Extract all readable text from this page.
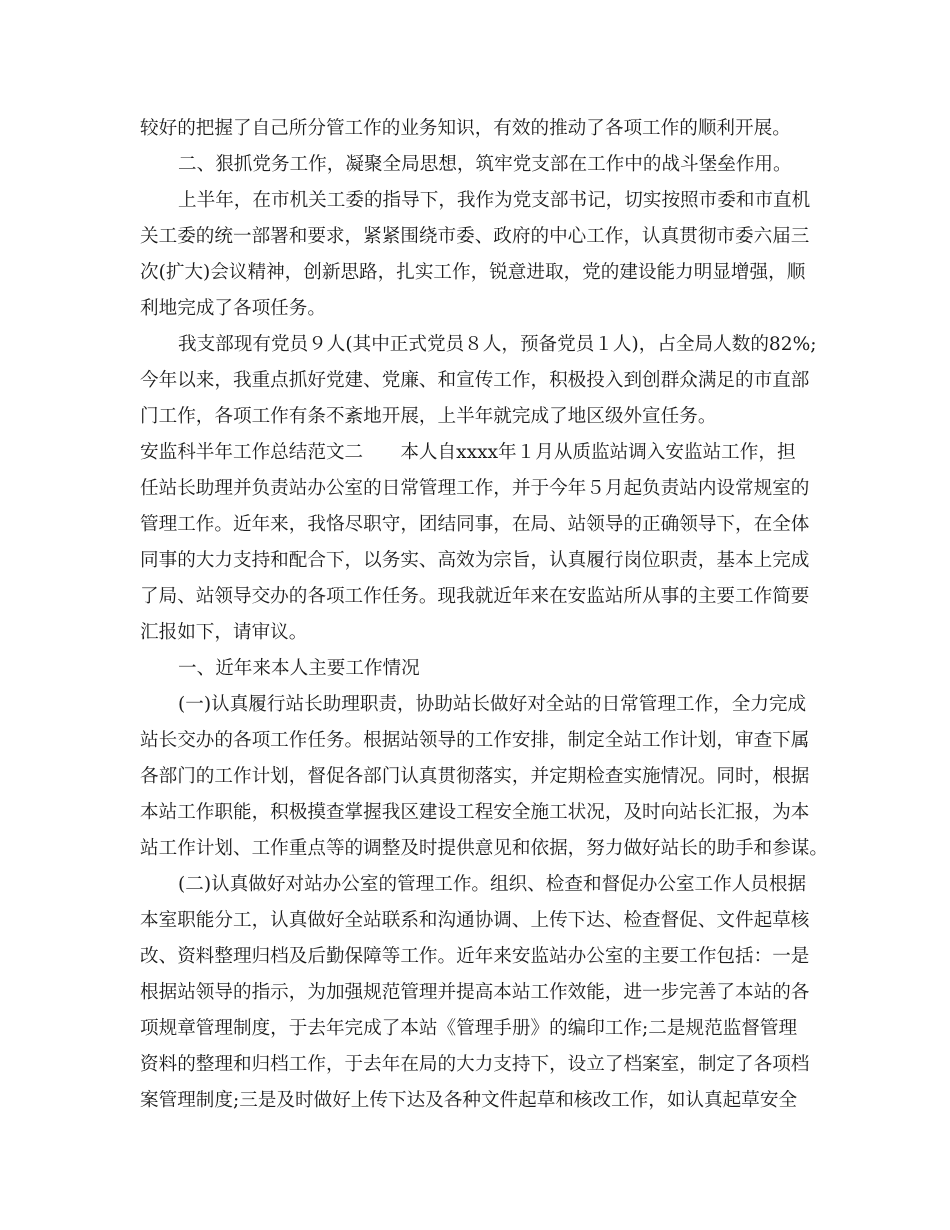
较好的把握了自己所分管工作的业务知识，有效的推动了各项工作的顺利开展。
二、狠抓党务工作，凝聚全局思想，筑牢党支部在工作中的战斗堡垒作用。
上半年，在市机关工委的指导下，我作为党支部书记，切实按照市委和市直机
关工委的统一部署和要求，紧紧围绕市委、政府的中心工作，认真贯彻市委六届三
次(扩大)会议精神，创新思路，扎实工作，锐意进取，党的建设能力明显增强，顺
利地完成了各项任务。
我支部现有党员９人(其中正式党员８人，预备党员１人)，占全局人数的82%;
今年以来，我重点抓好党建、党廉、和宣传工作，积极投入到创群众满足的市直部
门工作，各项工作有条不紊地开展，上半年就完成了地区级外宣任务。
安监科半年工作总结范文二　　本人自xxxx年１月从质监站调入安监站工作，担
任站长助理并负责站办公室的日常管理工作，并于今年５月起负责站内设常规室的
管理工作。近年来，我恪尽职守，团结同事，在局、站领导的正确领导下，在全体
同事的大力支持和配合下，以务实、高效为宗旨，认真履行岗位职责，基本上完成
了局、站领导交办的各项工作任务。现我就近年来在安监站所从事的主要工作简要
汇报如下，请审议。
一、近年来本人主要工作情况
(一)认真履行站长助理职责，协助站长做好对全站的日常管理工作，全力完成
站长交办的各项工作任务。根据站领导的工作安排，制定全站工作计划，审查下属
各部门的工作计划，督促各部门认真贯彻落实，并定期检查实施情况。同时，根据
本站工作职能，积极摸查掌握我区建设工程安全施工状况，及时向站长汇报，为本
站工作计划、工作重点等的调整及时提供意见和依据，努力做好站长的助手和参谋。
(二)认真做好对站办公室的管理工作。组织、检查和督促办公室工作人员根据
本室职能分工，认真做好全站联系和沟通协调、上传下达、检查督促、文件起草核
改、资料整理归档及后勤保障等工作。近年来安监站办公室的主要工作包括：一是
根据站领导的指示，为加强规范管理并提高本站工作效能，进一步完善了本站的各
项规章管理制度，于去年完成了本站《管理手册》的编印工作;二是规范监督管理
资料的整理和归档工作，于去年在局的大力支持下，设立了档案室，制定了各项档
案管理制度;三是及时做好上传下达及各种文件起草和核改工作，如认真起草安全
